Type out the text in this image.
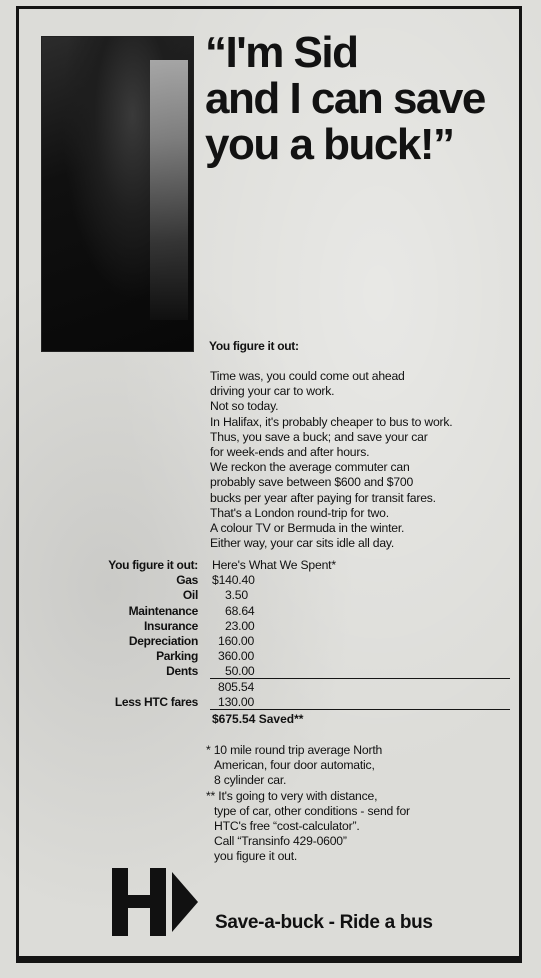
“I'm Sid
and I can save
you a buck!”
You figure it out:
Time was, you could come out ahead
driving your car to work.
Not so today.
In Halifax, it's probably cheaper to bus to work.
Thus, you save a buck; and save your car
for week-ends and after hours.
We reckon the average commuter can
probably save between $600 and $700
bucks per year after paying for transit fares.
That's a London round-trip for two.
A colour TV or Bermuda in the winter.
Either way, your car sits idle all day.
You figure it out:
Gas
Oil
Maintenance
Insurance
Depreciation
Parking
Dents

Less HTC fares
Here's What We Spent*
$140.40
3.50
68.64
23.00
160.00
360.00
50.00
805.54
130.00
$675.54 Saved**
* 10 mile round trip average North
American, four door automatic,
8 cylinder car.
** It's going to very with distance,
type of car, other conditions - send for
HTC's free “cost-calculator”.
Call “Transinfo 429-0600”
you figure it out.
Save-a-buck - Ride a bus
